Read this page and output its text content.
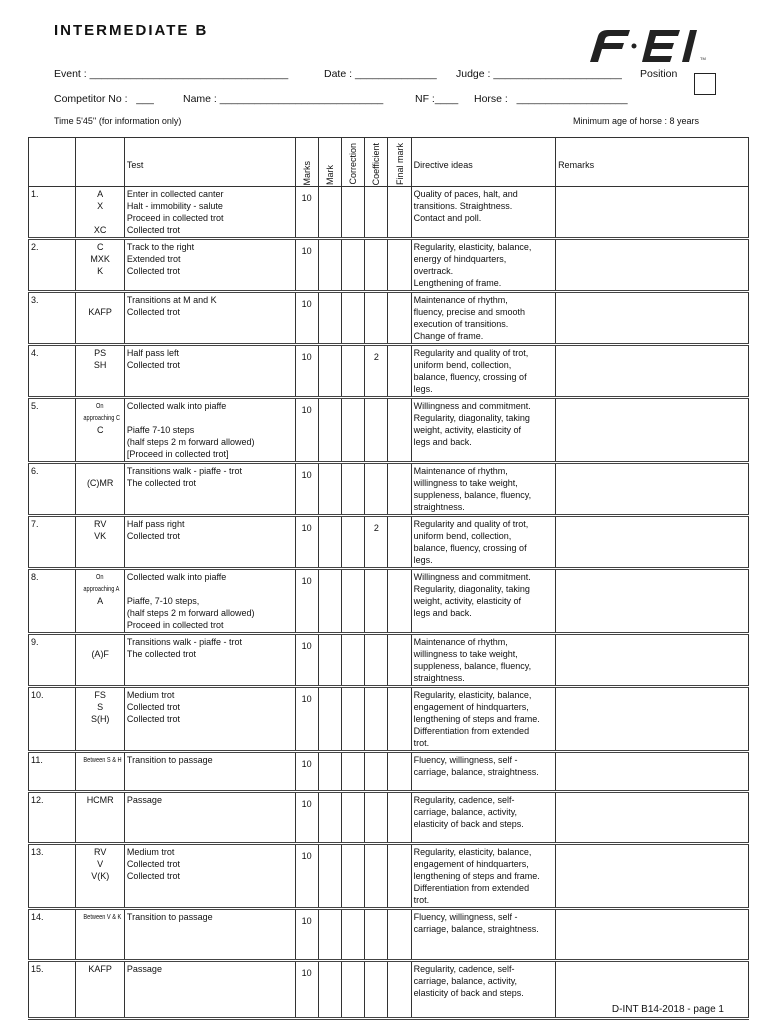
INTERMEDIATE B
TM
Event : __________________________________	Date : ______________ Judge : ______________________ Position
Competitor No : ___	Name : ____________________________	NF :____ Horse : ___________________
Time 5'45'' (for information only)	Minimum age of horse : 8 years
		Test	Marks	Mark	Correction	Coefficient	Final mark	Directive ideas	Remarks
1.	A
X

XC	Enter in collected canter
Halt - immobility - salute
Proceed in collected trot
Collected trot	10					Quality of paces, halt, and
transitions. Straightness.
Contact and poll.	

2.	C
MXK
K	Track to the right
Extended trot
Collected trot	10					Regularity, elasticity, balance,
energy of hindquarters,
overtrack.
Lengthening of frame.	

3.	KAFP	Transitions at M and K
Collected trot	10					Maintenance of rhythm,
fluency, precise and smooth
execution of transitions.
Change of frame.	

4.	PS
SH	Half pass left
Collected trot	10			2		Regularity and quality of trot,
uniform bend, collection,
balance, fluency, crossing of
legs.	

5.	On
approaching C
C	Collected walk into piaffe

Piaffe 7-10 steps
(half steps 2 m forward allowed)
[Proceed in collected trot]	10					Willingness and commitment.
Regularity, diagonality, taking
weight, activity, elasticity of
legs and back.	

6.	(C)MR	Transitions walk - piaffe - trot
The collected trot	10					Maintenance of rhythm,
willingness to take weight,
suppleness, balance, fluency,
straightness.	

7.	RV
VK	Half pass right
Collected trot	10			2		Regularity and quality of trot,
uniform bend, collection,
balance, fluency, crossing of
legs.	

8.	On
approaching A
A	Collected walk into piaffe

Piaffe, 7-10 steps,
(half steps 2 m forward allowed)
Proceed in collected trot	10					Willingness and commitment.
Regularity, diagonality, taking
weight, activity, elasticity of
legs and back.	

9.	(A)F	Transitions walk - piaffe - trot
The collected trot	10					Maintenance of rhythm,
willingness to take weight,
suppleness, balance, fluency,
straightness.	

10.	FS
S
S(H)	Medium trot
Collected trot
Collected trot	10					Regularity, elasticity, balance,
engagement of hindquarters,
lengthening of steps and frame.
Differentiation from extended
trot.	

11.	Between S & H	Transition to passage	10					Fluency, willingness, self -
carriage, balance, straightness.	

12.	HCMR	Passage	10					Regularity, cadence, self-
carriage, balance, activity,
elasticity of back and steps.	

13.	RV
V
V(K)	Medium trot
Collected trot
Collected trot	10					Regularity, elasticity, balance,
engagement of hindquarters,
lengthening of steps and frame.
Differentiation from extended
trot.	

14.	Between V & K	Transition to passage	10					Fluency, willingness, self -
carriage, balance, straightness.	

15.	KAFP	Passage	10					Regularity, cadence, self-
carriage, balance, activity,
elasticity of back and steps.	

D-INT B14-2018 - page 1
